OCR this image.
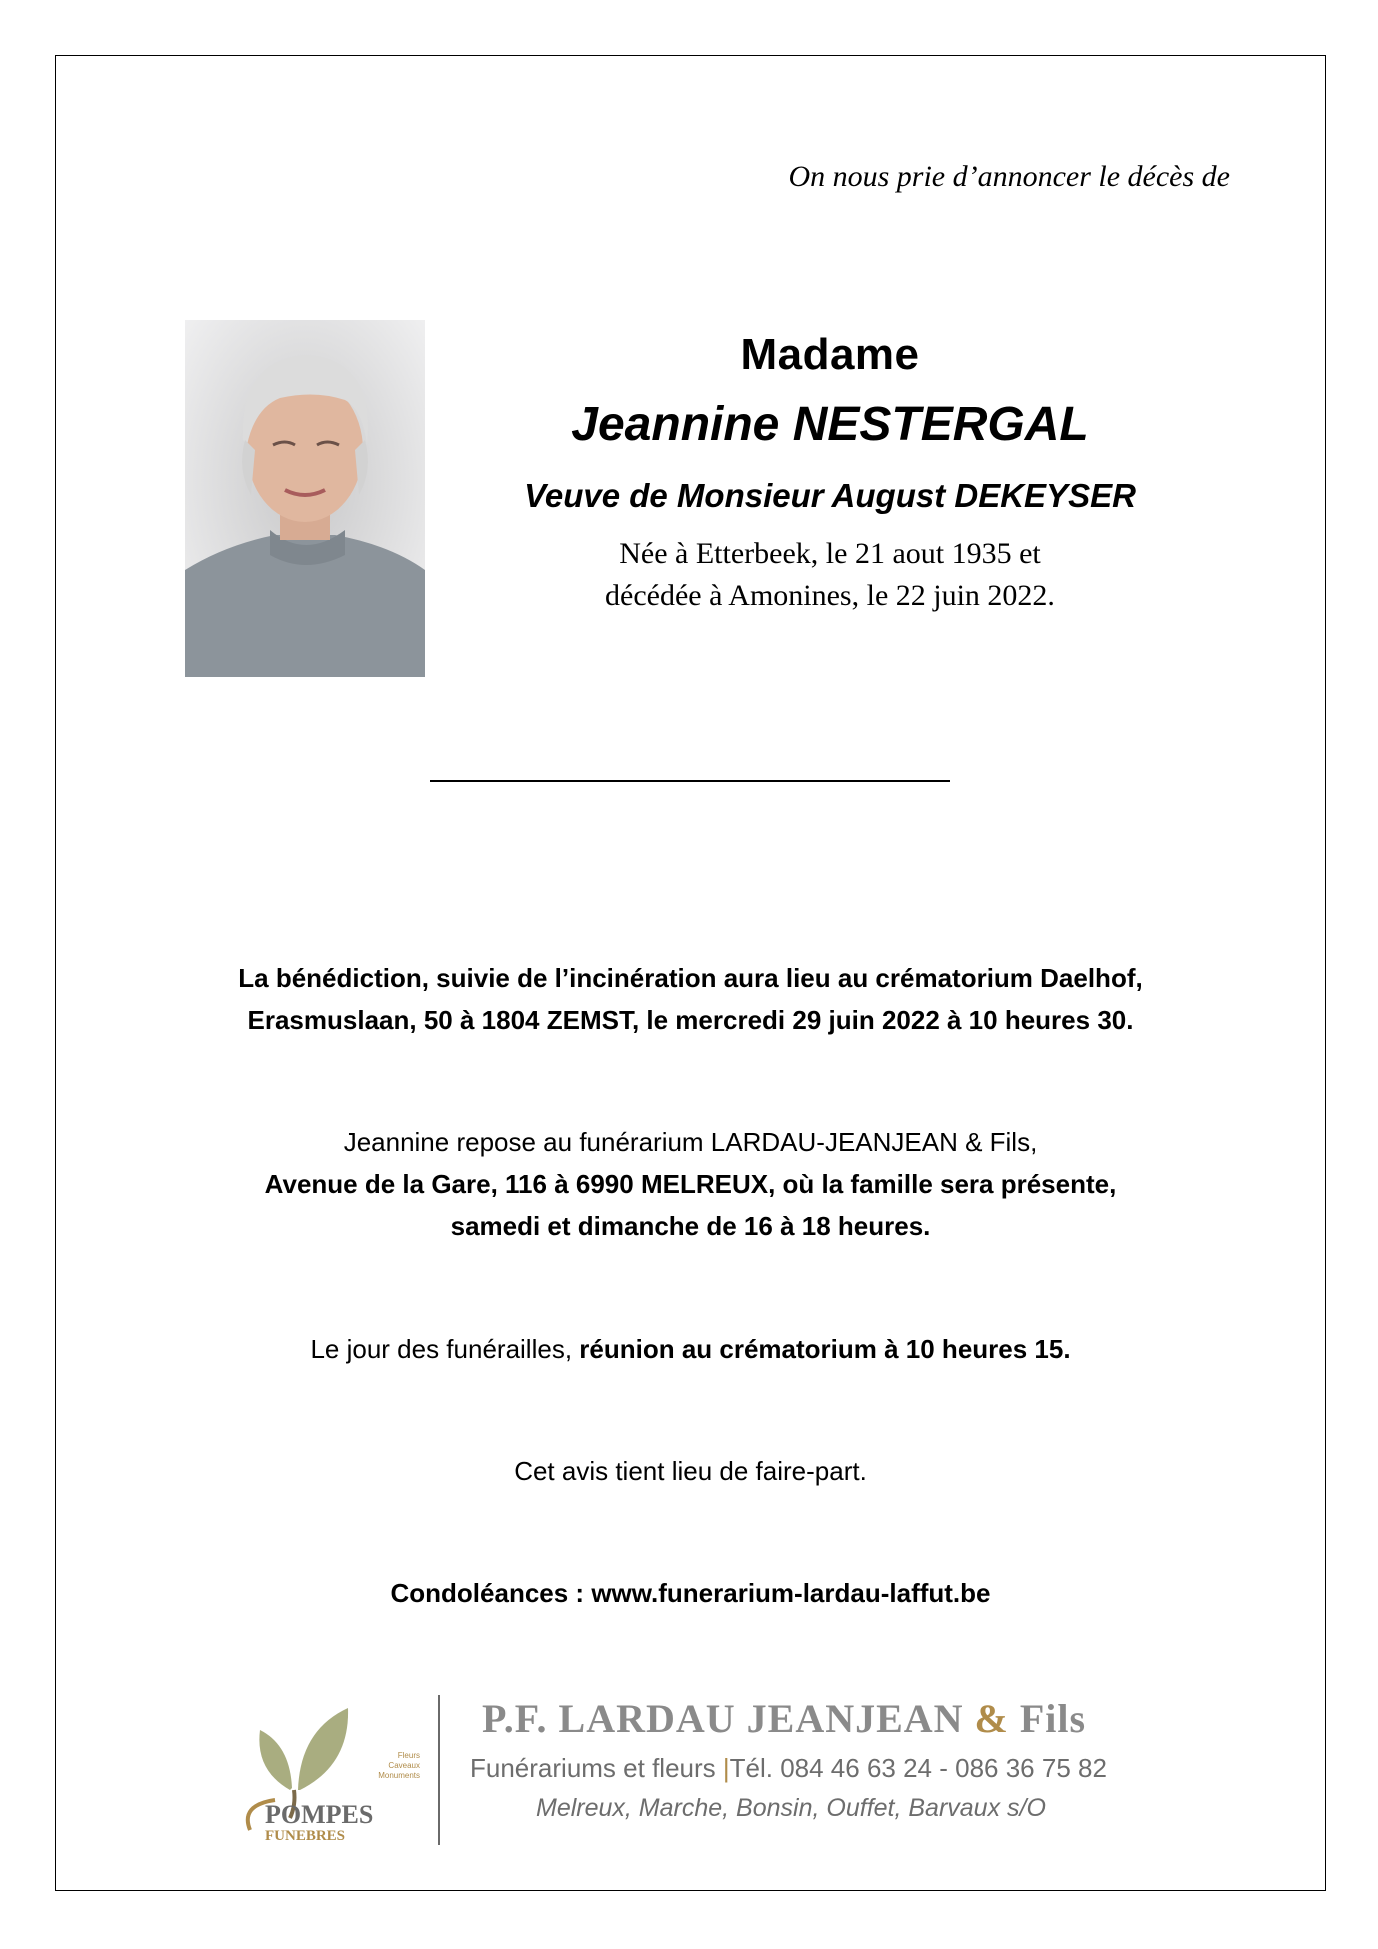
On nous prie d’annoncer le décès de
Madame
Jeannine NESTERGAL
Veuve de Monsieur August DEKEYSER
Née à Etterbeek, le 21 aout 1935 et
décédée à Amonines, le 22 juin 2022.
La bénédiction, suivie de l’incinération aura lieu au crématorium Daelhof,
Erasmuslaan, 50 à 1804 ZEMST, le mercredi 29 juin 2022 à 10 heures 30.
Jeannine repose au funérarium LARDAU-JEANJEAN & Fils,
Avenue de la Gare, 116 à 6990 MELREUX, où la famille sera présente,
samedi et dimanche de 16 à 18 heures.
Le jour des funérailles, réunion au crématorium à 10 heures 15.
Cet avis tient lieu de faire-part.
Condoléances : www.funerarium-lardau-laffut.be
POMPES
FUNEBRES
Fleurs
Caveaux
Monuments
P.F. LARDAU JEANJEAN & Fils
Funérariums et fleurs |Tél. 084 46 63 24 - 086 36 75 82
Melreux, Marche, Bonsin, Ouffet, Barvaux s/O
